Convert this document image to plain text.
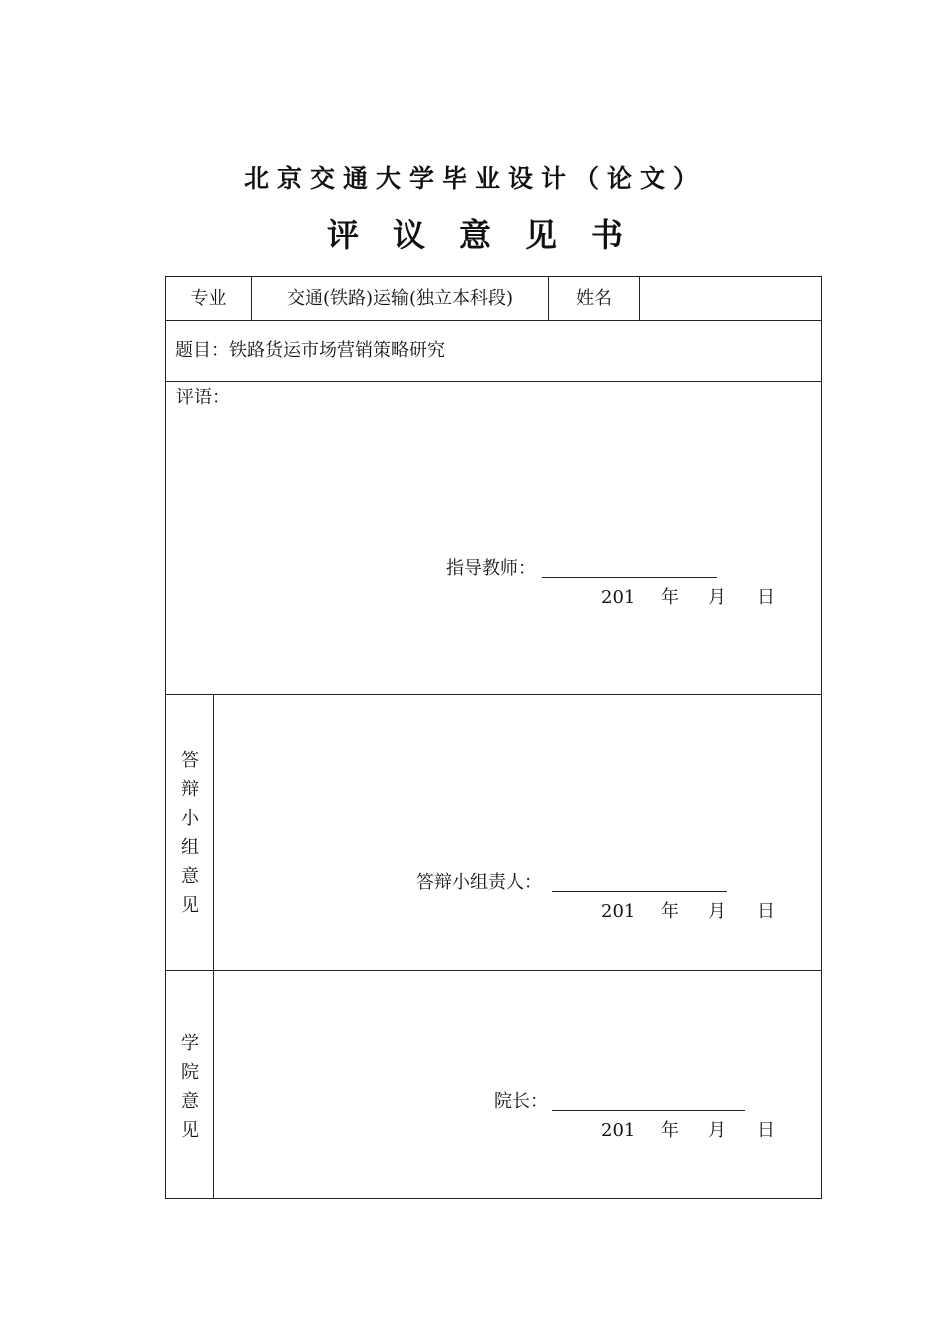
北京交通大学毕业设计（论文）
评议意见书
专业	交通(铁路)运输(独立本科段)	姓名
题目：铁路货运市场营销策略研究
评语：
指导教师：
201 年 月 日
答辩小组意见
答辩小组责人：
201 年 月 日
学院意见
院长：
201 年 月 日
